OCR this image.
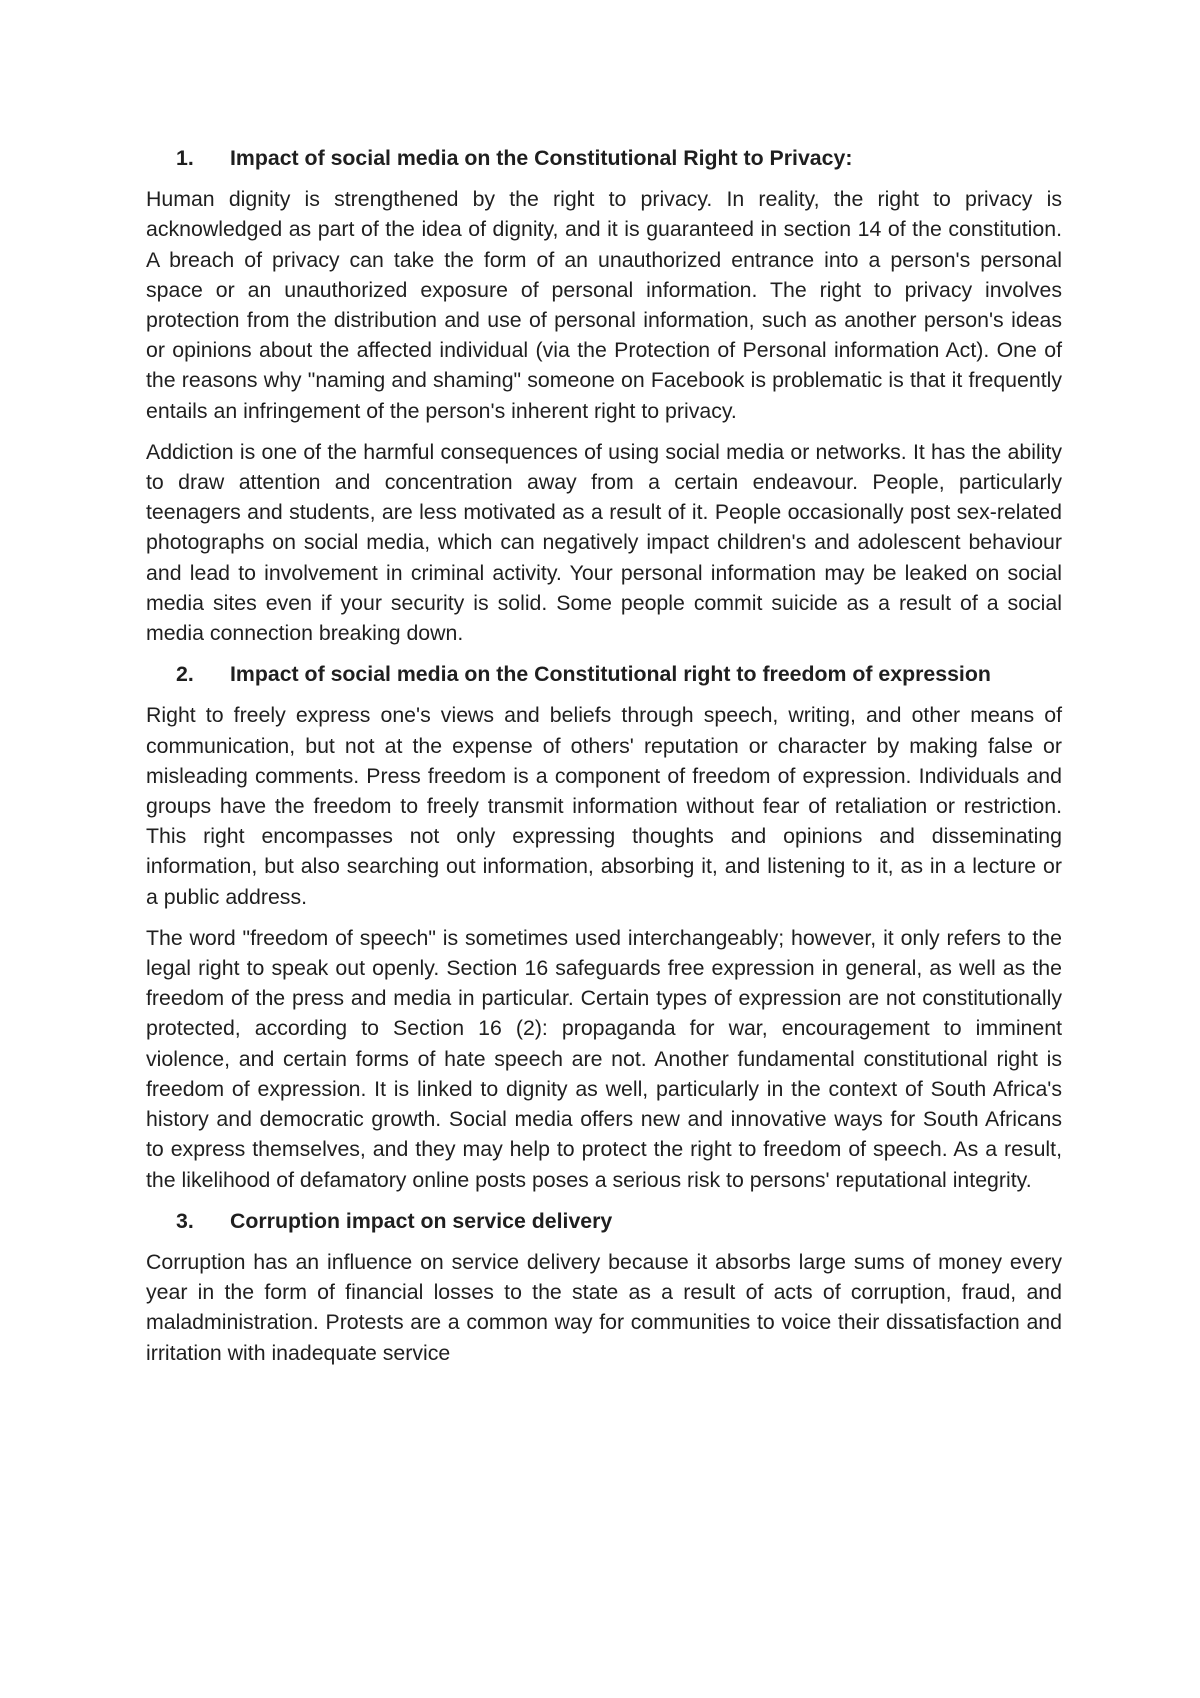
1.	Impact of social media on the Constitutional Right to Privacy:

Human dignity is strengthened by the right to privacy. In reality, the right to privacy is acknowledged as part of the idea of dignity, and it is guaranteed in section 14 of the constitution. A breach of privacy can take the form of an unauthorized entrance into a person's personal space or an unauthorized exposure of personal information. The right to privacy involves protection from the distribution and use of personal information, such as another person's ideas or opinions about the affected individual (via the Protection of Personal information Act). One of the reasons why "naming and shaming" someone on Facebook is problematic is that it frequently entails an infringement of the person's inherent right to privacy.

Addiction is one of the harmful consequences of using social media or networks. It has the ability to draw attention and concentration away from a certain endeavour. People, particularly teenagers and students, are less motivated as a result of it. People occasionally post sex-related photographs on social media, which can negatively impact children's and adolescent behaviour and lead to involvement in criminal activity. Your personal information may be leaked on social media sites even if your security is solid. Some people commit suicide as a result of a social media connection breaking down.

2.	Impact of social media on the Constitutional right to freedom of expression

Right to freely express one's views and beliefs through speech, writing, and other means of communication, but not at the expense of others' reputation or character by making false or misleading comments. Press freedom is a component of freedom of expression. Individuals and groups have the freedom to freely transmit information without fear of retaliation or restriction. This right encompasses not only expressing thoughts and opinions and disseminating information, but also searching out information, absorbing it, and listening to it, as in a lecture or a public address.

The word "freedom of speech" is sometimes used interchangeably; however, it only refers to the legal right to speak out openly. Section 16 safeguards free expression in general, as well as the freedom of the press and media in particular. Certain types of expression are not constitutionally protected, according to Section 16 (2): propaganda for war, encouragement to imminent violence, and certain forms of hate speech are not. Another fundamental constitutional right is freedom of expression. It is linked to dignity as well, particularly in the context of South Africa's history and democratic growth. Social media offers new and innovative ways for South Africans to express themselves, and they may help to protect the right to freedom of speech. As a result, the likelihood of defamatory online posts poses a serious risk to persons' reputational integrity.

3.	Corruption impact on service delivery

Corruption has an influence on service delivery because it absorbs large sums of money every year in the form of financial losses to the state as a result of acts of corruption, fraud, and maladministration. Protests are a common way for communities to voice their dissatisfaction and irritation with inadequate service
